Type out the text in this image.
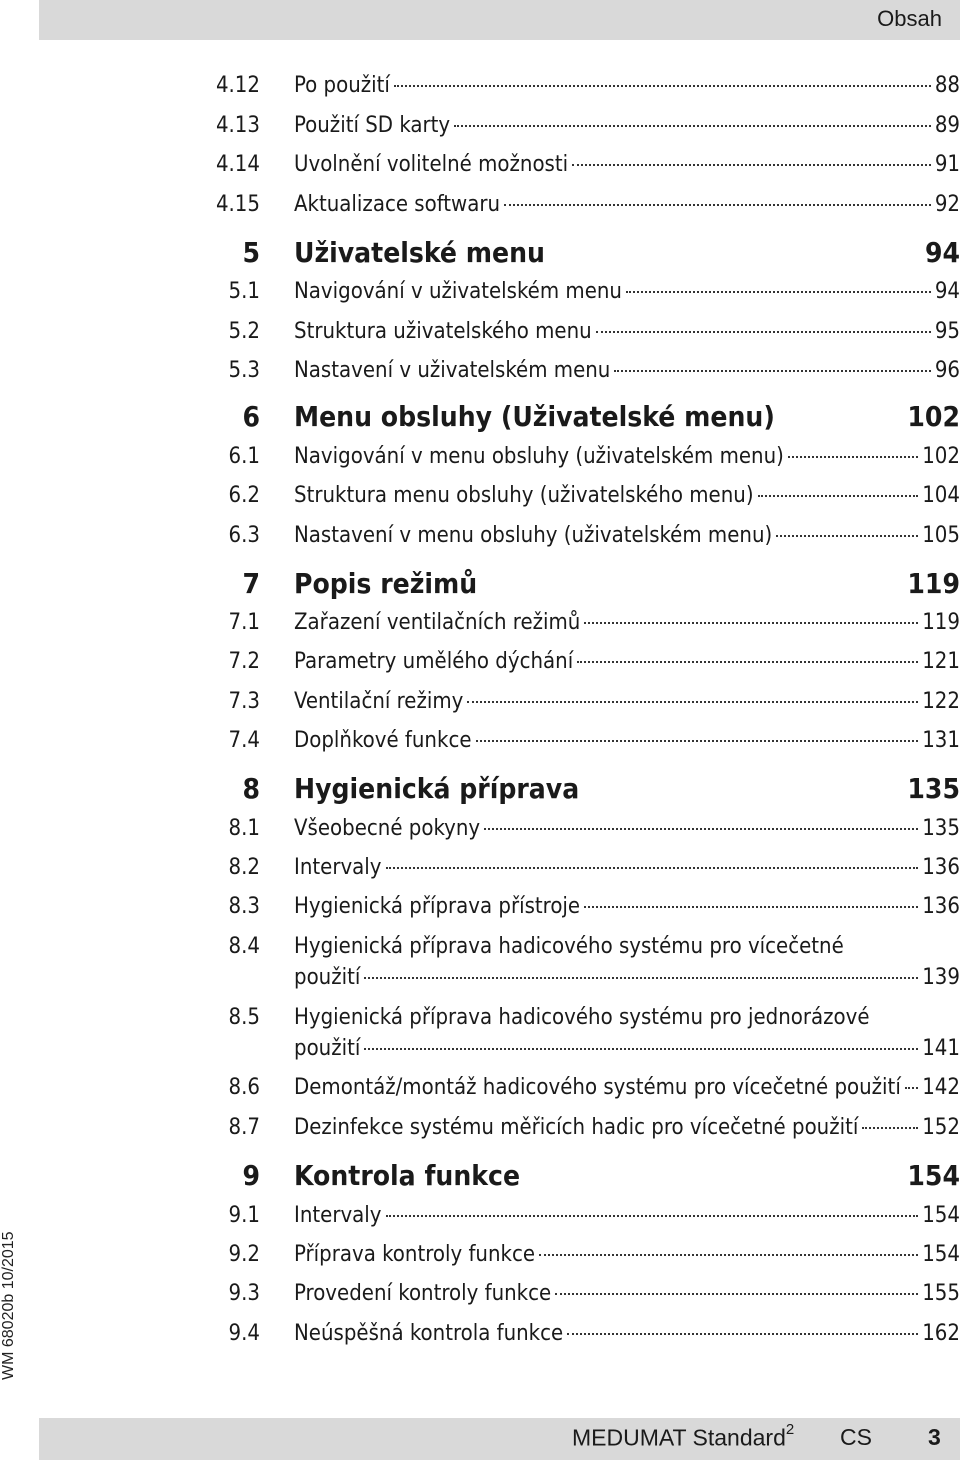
Obsah
WM 68020b 10/2015
4.12 Po použití	88
4.13 Použití SD karty	89
4.14 Uvolnění volitelné možnosti	91
4.15 Aktualizace softwaru	92
5 Uživatelské menu	94
5.1 Navigování v uživatelském menu	94
5.2 Struktura uživatelského menu	95
5.3 Nastavení v uživatelském menu	96
6 Menu obsluhy (Uživatelské menu)	102
6.1 Navigování v menu obsluhy (uživatelském menu)	102
6.2 Struktura menu obsluhy (uživatelského menu)	104
6.3 Nastavení v menu obsluhy (uživatelském menu)	105
7 Popis režimů	119
7.1 Zařazení ventilačních režimů	119
7.2 Parametry umělého dýchání	121
7.3 Ventilační režimy	122
7.4 Doplňkové funkce	131
8 Hygienická příprava	135
8.1 Všeobecné pokyny	135
8.2 Intervaly	136
8.3 Hygienická příprava přístroje	136
8.4 Hygienická příprava hadicového systému pro vícečetné
použití	139
8.5 Hygienická příprava hadicového systému pro jednorázové
použití	141
8.6 Demontáž/montáž hadicového systému pro vícečetné použití 142
8.7 Dezinfekce systému měřicích hadic pro vícečetné použití	152
9 Kontrola funkce	154
9.1 Intervaly	154
9.2 Příprava kontroly funkce	154
9.3 Provedení kontroly funkce	155
9.4 Neúspěšná kontrola funkce	162
MEDUMAT Standard$^2$ CS 3
